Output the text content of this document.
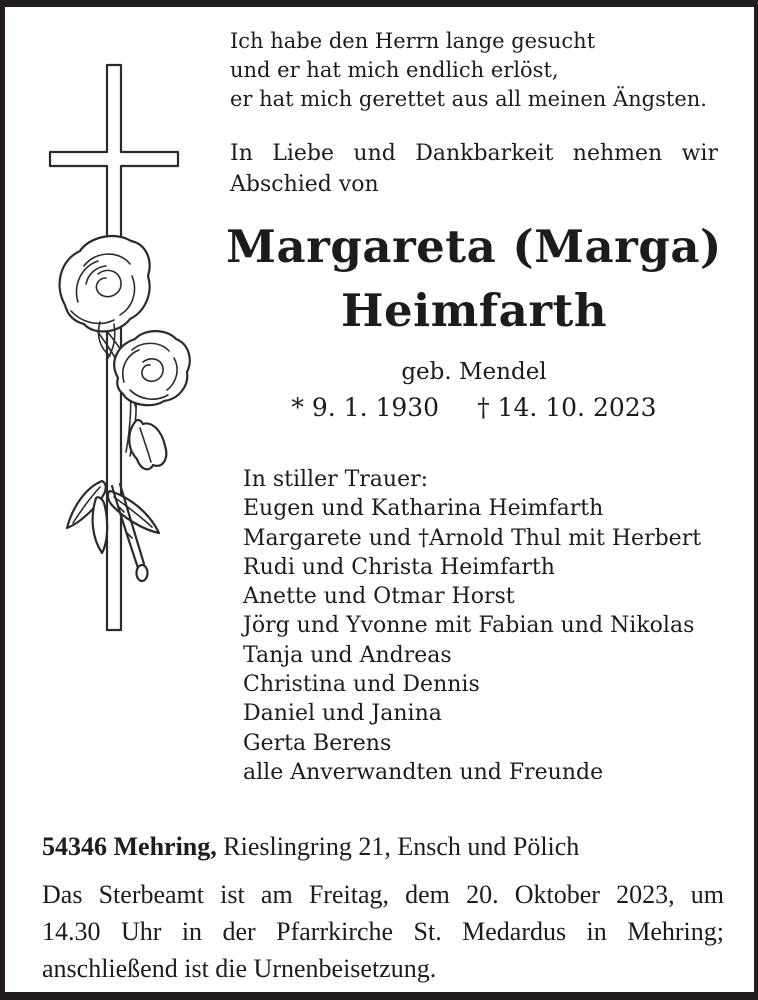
Ich habe den Herrn lange gesucht
und er hat mich endlich erlöst,
er hat mich gerettet aus all meinen Ängsten.
In Liebe und Dankbarkeit nehmen wir
Abschied von
Margareta (Marga)
Heimfarth
geb. Mendel
* 9. 1. 1930 † 14. 10. 2023
In stiller Trauer:
Eugen und Katharina Heimfarth
Margarete und †Arnold Thul mit Herbert
Rudi und Christa Heimfarth
Anette und Otmar Horst
Jörg und Yvonne mit Fabian und Nikolas
Tanja und Andreas
Christina und Dennis
Daniel und Janina
Gerta Berens
alle Anverwandten und Freunde
54346 Mehring, Rieslingring 21, Ensch und Pölich
Das Sterbeamt ist am Freitag, dem 20. Oktober 2023, um
14.30 Uhr in der Pfarrkirche St. Medardus in Mehring;
anschließend ist die Urnenbeisetzung.
